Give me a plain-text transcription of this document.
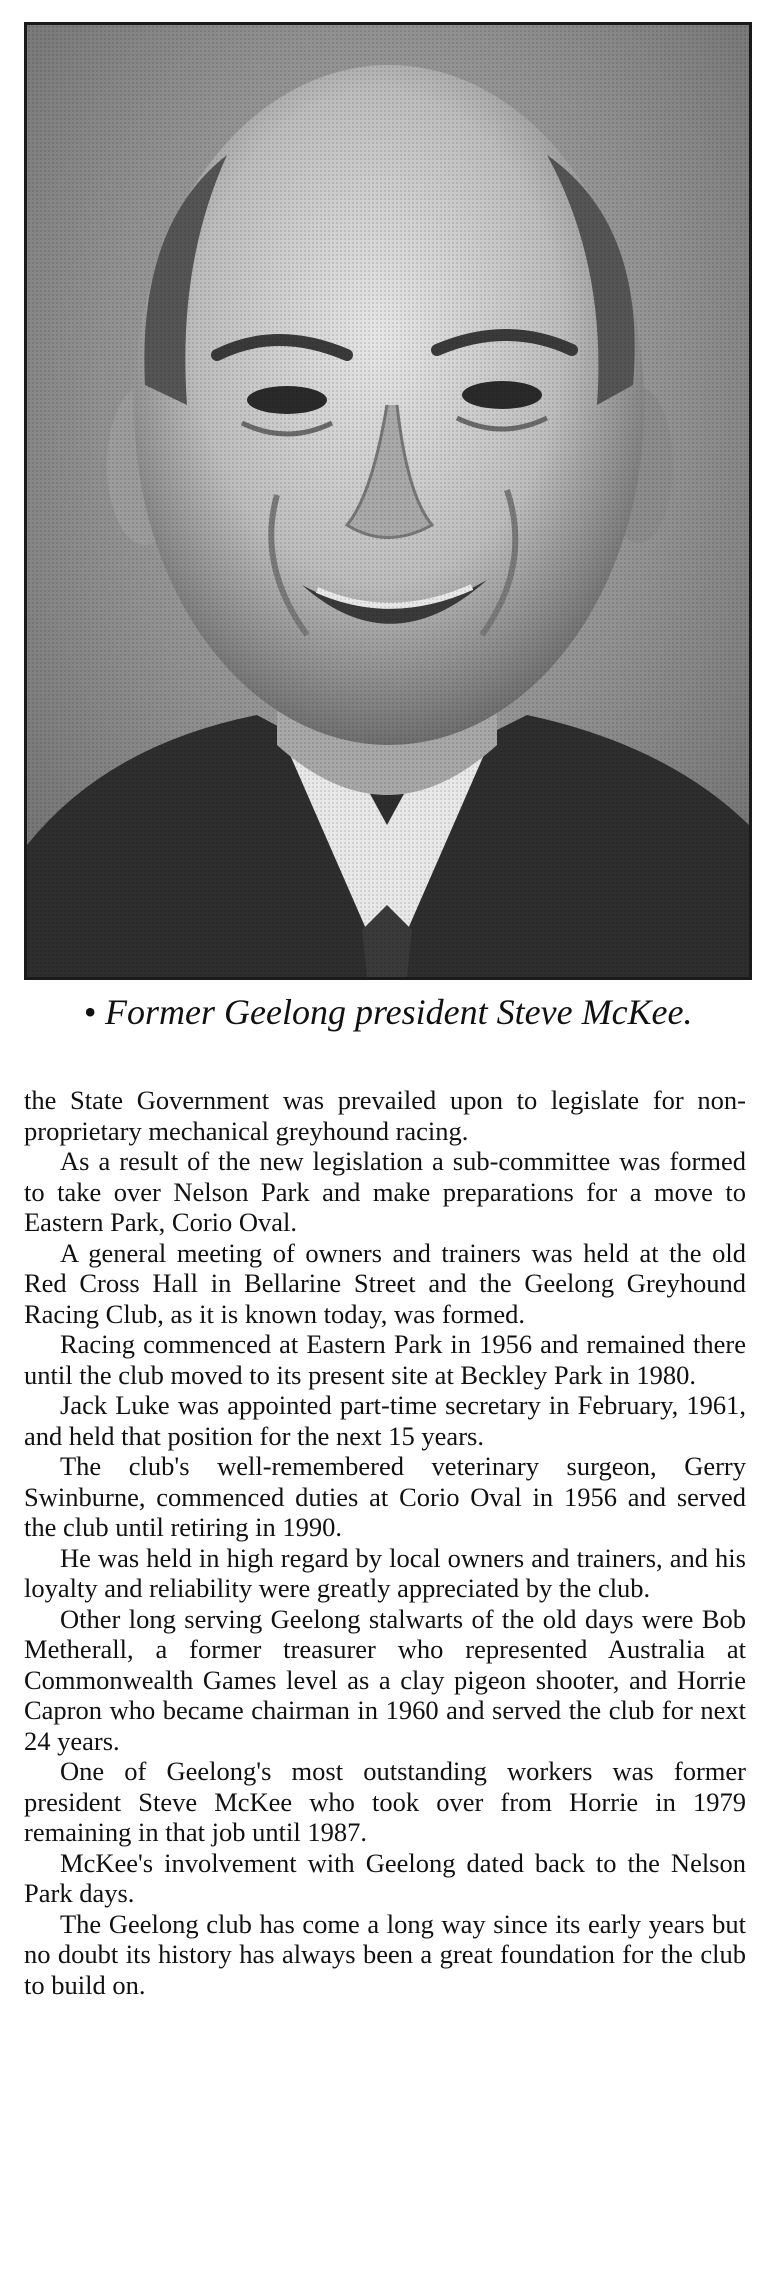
• Former Geelong president Steve McKee.

the State Government was prevailed upon to legislate for non-proprietary mechanical greyhound racing.

As a result of the new legislation a sub-committee was formed to take over Nelson Park and make preparations for a move to Eastern Park, Corio Oval.

A general meeting of owners and trainers was held at the old Red Cross Hall in Bellarine Street and the Geelong Greyhound Racing Club, as it is known today, was formed.

Racing commenced at Eastern Park in 1956 and remained there until the club moved to its present site at Beckley Park in 1980.

Jack Luke was appointed part-time secretary in February, 1961, and held that position for the next 15 years.

The club's well-remembered veterinary surgeon, Gerry Swinburne, commenced duties at Corio Oval in 1956 and served the club until retiring in 1990.

He was held in high regard by local owners and trainers, and his loyalty and reliability were greatly appreciated by the club.

Other long serving Geelong stalwarts of the old days were Bob Metherall, a former treasurer who represented Australia at Commonwealth Games level as a clay pigeon shooter, and Horrie Capron who became chairman in 1960 and served the club for next 24 years.

One of Geelong's most outstanding workers was former president Steve McKee who took over from Horrie in 1979 remaining in that job until 1987.

McKee's involvement with Geelong dated back to the Nelson Park days.

The Geelong club has come a long way since its early years but no doubt its history has always been a great foundation for the club to build on.
